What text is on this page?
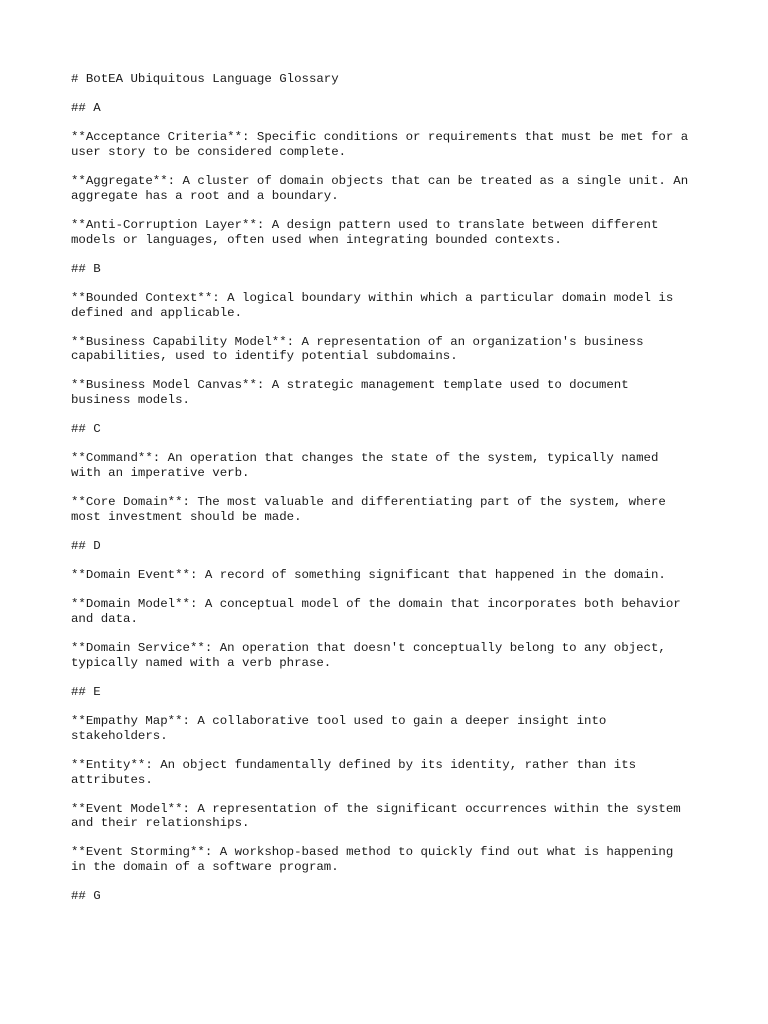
# BotEA Ubiquitous Language Glossary
## A
**Acceptance Criteria**: Specific conditions or requirements that must be met for a
user story to be considered complete.
**Aggregate**: A cluster of domain objects that can be treated as a single unit. An
aggregate has a root and a boundary.
**Anti-Corruption Layer**: A design pattern used to translate between different
models or languages, often used when integrating bounded contexts.
## B
**Bounded Context**: A logical boundary within which a particular domain model is
defined and applicable.
**Business Capability Model**: A representation of an organization's business
capabilities, used to identify potential subdomains.
**Business Model Canvas**: A strategic management template used to document
business models.
## C
**Command**: An operation that changes the state of the system, typically named
with an imperative verb.
**Core Domain**: The most valuable and differentiating part of the system, where
most investment should be made.
## D
**Domain Event**: A record of something significant that happened in the domain.
**Domain Model**: A conceptual model of the domain that incorporates both behavior
and data.
**Domain Service**: An operation that doesn't conceptually belong to any object,
typically named with a verb phrase.
## E
**Empathy Map**: A collaborative tool used to gain a deeper insight into
stakeholders.
**Entity**: An object fundamentally defined by its identity, rather than its
attributes.
**Event Model**: A representation of the significant occurrences within the system
and their relationships.
**Event Storming**: A workshop-based method to quickly find out what is happening
in the domain of a software program.
## G
